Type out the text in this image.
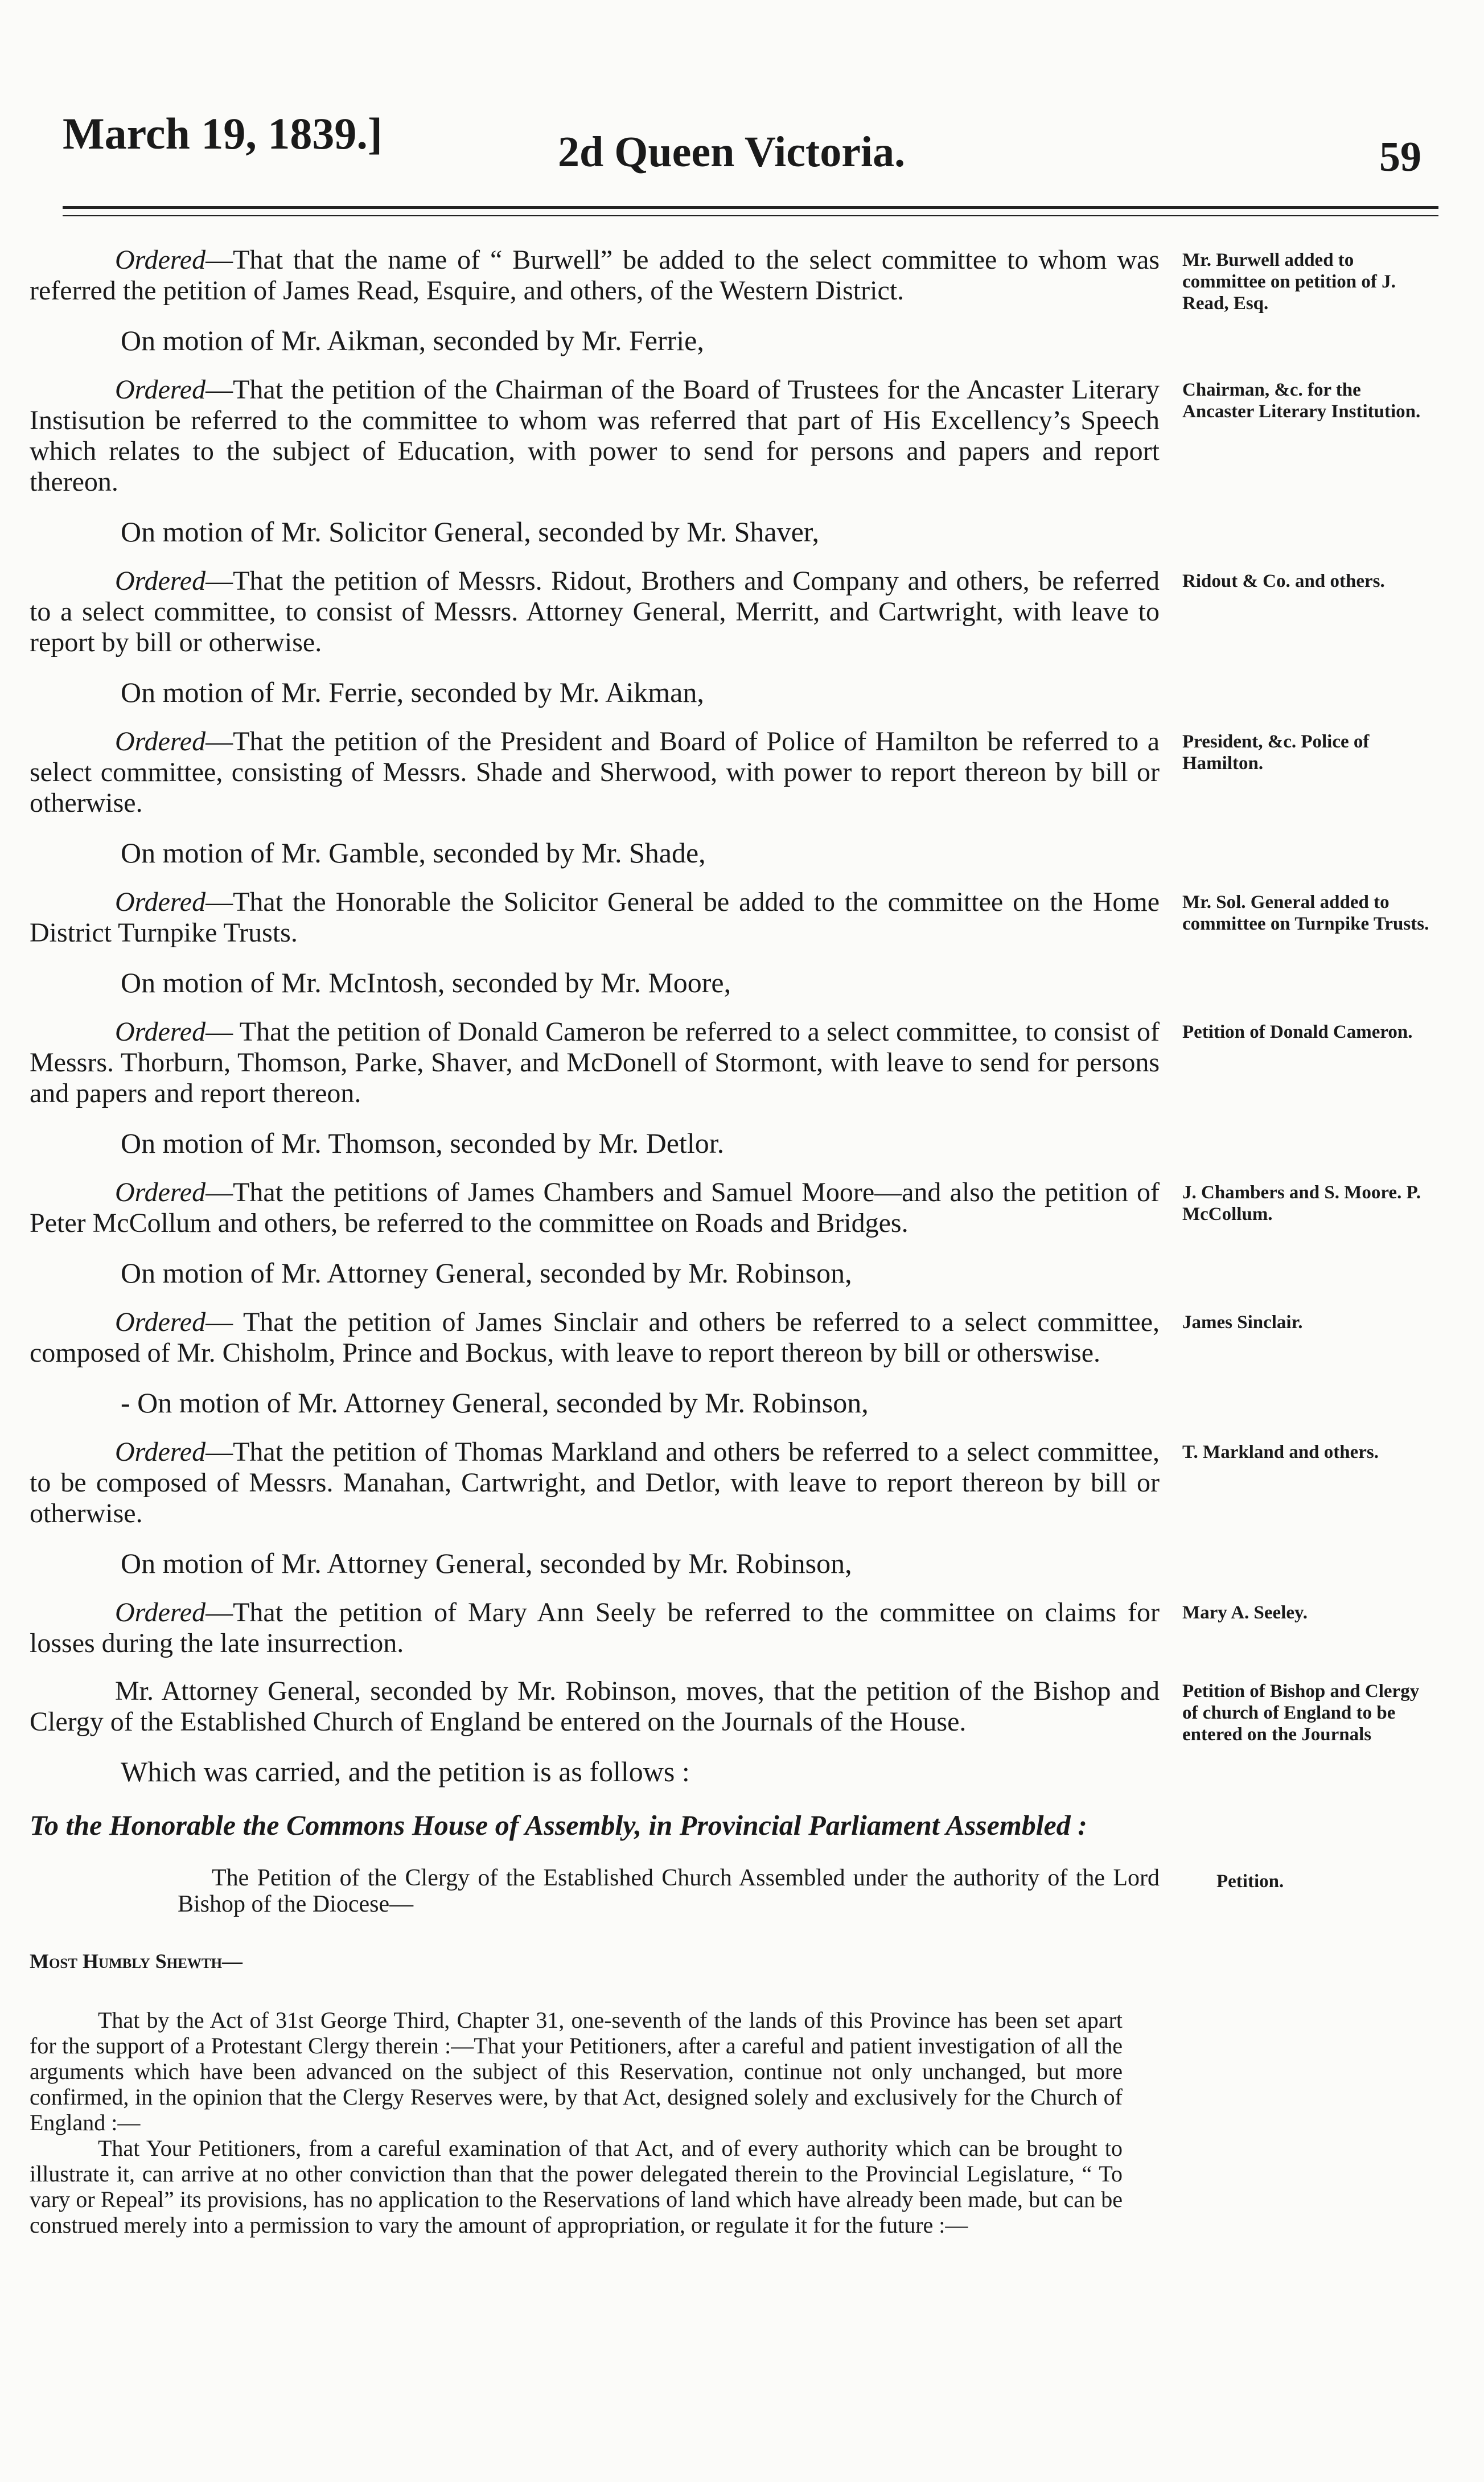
March 19, 1839.]	2d Queen Victoria.	59
Ordered—That that the name of “ Burwell” be added to the select committee to whom was referred the petition of James Read, Esquire, and others, of the Western District.
Mr. Burwell added to committee on petition of J. Read, Esq.
On motion of Mr. Aikman, seconded by Mr. Ferrie,
Ordered—That the petition of the Chairman of the Board of Trustees for the Ancaster Literary Instisution be referred to the committee to whom was referred that part of His Excellency’s Speech which relates to the subject of Education, with power to send for persons and papers and report thereon.
Chairman, &c. for the Ancaster Literary Institution.
On motion of Mr. Solicitor General, seconded by Mr. Shaver,
Ordered—That the petition of Messrs. Ridout, Brothers and Company and others, be referred to a select committee, to consist of Messrs. Attorney General, Merritt, and Cartwright, with leave to report by bill or otherwise.
Ridout & Co. and others.
On motion of Mr. Ferrie, seconded by Mr. Aikman,
Ordered—That the petition of the President and Board of Police of Hamilton be referred to a select committee, consisting of Messrs. Shade and Sherwood, with power to report thereon by bill or otherwise.
President, &c. Police of Hamilton.
On motion of Mr. Gamble, seconded by Mr. Shade,
Ordered—That the Honorable the Solicitor General be added to the committee on the Home District Turnpike Trusts.
Mr. Sol. General added to committee on Turnpike Trusts.
On motion of Mr. McIntosh, seconded by Mr. Moore,
Ordered— That the petition of Donald Cameron be referred to a select committee, to consist of Messrs. Thorburn, Thomson, Parke, Shaver, and McDonell of Stormont, with leave to send for persons and papers and report thereon.
Petition of Donald Cameron.
On motion of Mr. Thomson, seconded by Mr. Detlor.
Ordered—That the petitions of James Chambers and Samuel Moore—and also the petition of Peter McCollum and others, be referred to the committee on Roads and Bridges.
J. Chambers and S. Moore. P. McCollum.
On motion of Mr. Attorney General, seconded by Mr. Robinson,
Ordered— That the petition of James Sinclair and others be referred to a select committee, composed of Mr. Chisholm, Prince and Bockus, with leave to report thereon by bill or otherswise.
James Sinclair.
- On motion of Mr. Attorney General, seconded by Mr. Robinson,
Ordered—That the petition of Thomas Markland and others be referred to a select committee, to be composed of Messrs. Manahan, Cartwright, and Detlor, with leave to report thereon by bill or otherwise.
T. Markland and others.
On motion of Mr. Attorney General, seconded by Mr. Robinson,
Ordered—That the petition of Mary Ann Seely be referred to the committee on claims for losses during the late insurrection.
Mary A. Seeley.
Mr. Attorney General, seconded by Mr. Robinson, moves, that the petition of the Bishop and Clergy of the Established Church of England be entered on the Journals of the House.
Petition of Bishop and Clergy of church of England to be entered on the Journals
Which was carried, and the petition is as follows :
To the Honorable the Commons House of Assembly, in Provincial Parliament Assembled :
The Petition of the Clergy of the Established Church Assembled under the authority of the Lord Bishop of the Diocese—
Petition.
Most Humbly Shewth—
That by the Act of 31st George Third, Chapter 31, one-seventh of the lands of this Province has been set apart for the support of a Protestant Clergy therein :—That your Petitioners, after a careful and patient investigation of all the arguments which have been advanced on the subject of this Reservation, continue not only unchanged, but more confirmed, in the opinion that the Clergy Reserves were, by that Act, designed solely and exclusively for the Church of England :—
That Your Petitioners, from a careful examination of that Act, and of every authority which can be brought to illustrate it, can arrive at no other conviction than that the power delegated therein to the Provincial Legislature, “ To vary or Repeal” its provisions, has no application to the Reservations of land which have already been made, but can be construed merely into a permission to vary the amount of appropriation, or regulate it for the future :—
